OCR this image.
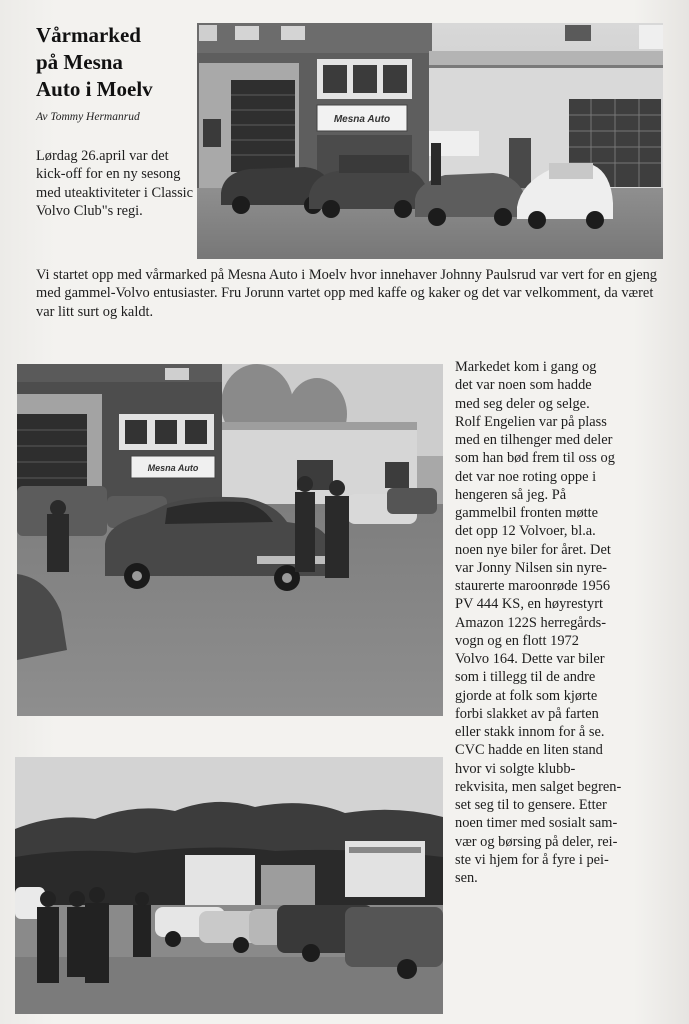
Vårmarked
på Mesna
Auto i Moelv
Av Tommy Hermanrud

Lørdag 26.april var det kick-off for en ny sesong med uteaktiviteter i Classic Volvo Club"s regi.

Mesna Auto

Vi startet opp med vårmarked på Mesna Auto i Moelv hvor innehaver Johnny Paulsrud var vert for en gjeng med gammel-Volvo entusiaster. Fru Jorunn vartet opp med kaffe og kaker og det var velkomment, da været var litt surt og kaldt.

Mesna Auto
Markedet kom i gang og
det var noen som hadde
med seg deler og selge.
Rolf Engelien var på plass
med en tilhenger med deler
som han bød frem til oss og
det var noe roting oppe i
hengeren så jeg. På
gammelbil fronten møtte
det opp 12 Volvoer, bl.a.
noen nye biler for året. Det
var Jonny Nilsen sin nyre-
staurerte maroonrøde 1956
PV 444 KS, en høyrestyrt
Amazon 122S herregårds-
vogn og en flott 1972
Volvo 164. Dette var biler
som i tillegg til de andre
gjorde at folk som kjørte
forbi slakket av på farten
eller stakk innom for å se.
CVC hadde en liten stand
hvor vi solgte klubb-
rekvisita, men salget begren-
set seg til to gensere. Etter
noen timer med sosialt sam-
vær og børsing på deler, rei-
ste vi hjem for å fyre i pei-
sen.
